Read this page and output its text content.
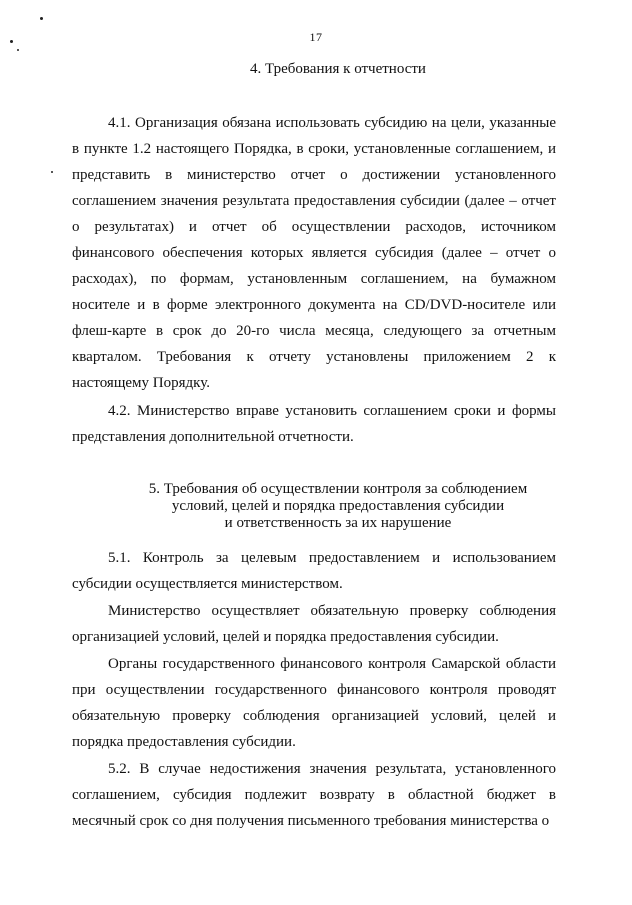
17
4. Требования к отчетности

4.1. Организация обязана использовать субсидию на цели, указанные в пункте 1.2 настоящего Порядка, в сроки, установленные соглашением, и представить в министерство отчет о достижении установленного соглашением значения результата предоставления субсидии (далее – отчет о результатах) и отчет об осуществлении расходов, источником финансового обеспечения которых является субсидия (далее – отчет о расходах), по формам, установленным соглашением, на бумажном носителе и в форме электронного документа на CD/DVD-носителе или флеш-карте в срок до 20-го числа месяца, следующего за отчетным кварталом. Требования к отчету установлены приложением 2 к настоящему Порядку.

4.2. Министерство вправе установить соглашением сроки и формы представления дополнительной отчетности.

5. Требования об осуществлении контроля за соблюдением
условий, целей и порядка предоставления субсидии
и ответственность за их нарушение

5.1. Контроль за целевым предоставлением и использованием субсидии осуществляется министерством.

Министерство осуществляет обязательную проверку соблюдения организацией условий, целей и порядка предоставления субсидии.

Органы государственного финансового контроля Самарской области при осуществлении государственного финансового контроля проводят обязательную проверку соблюдения организацией условий, целей и порядка предоставления субсидии.

5.2. В случае недостижения значения результата, установленного соглашением, субсидия подлежит возврату в областной бюджет в месячный срок со дня получения письменного требования министерства о
